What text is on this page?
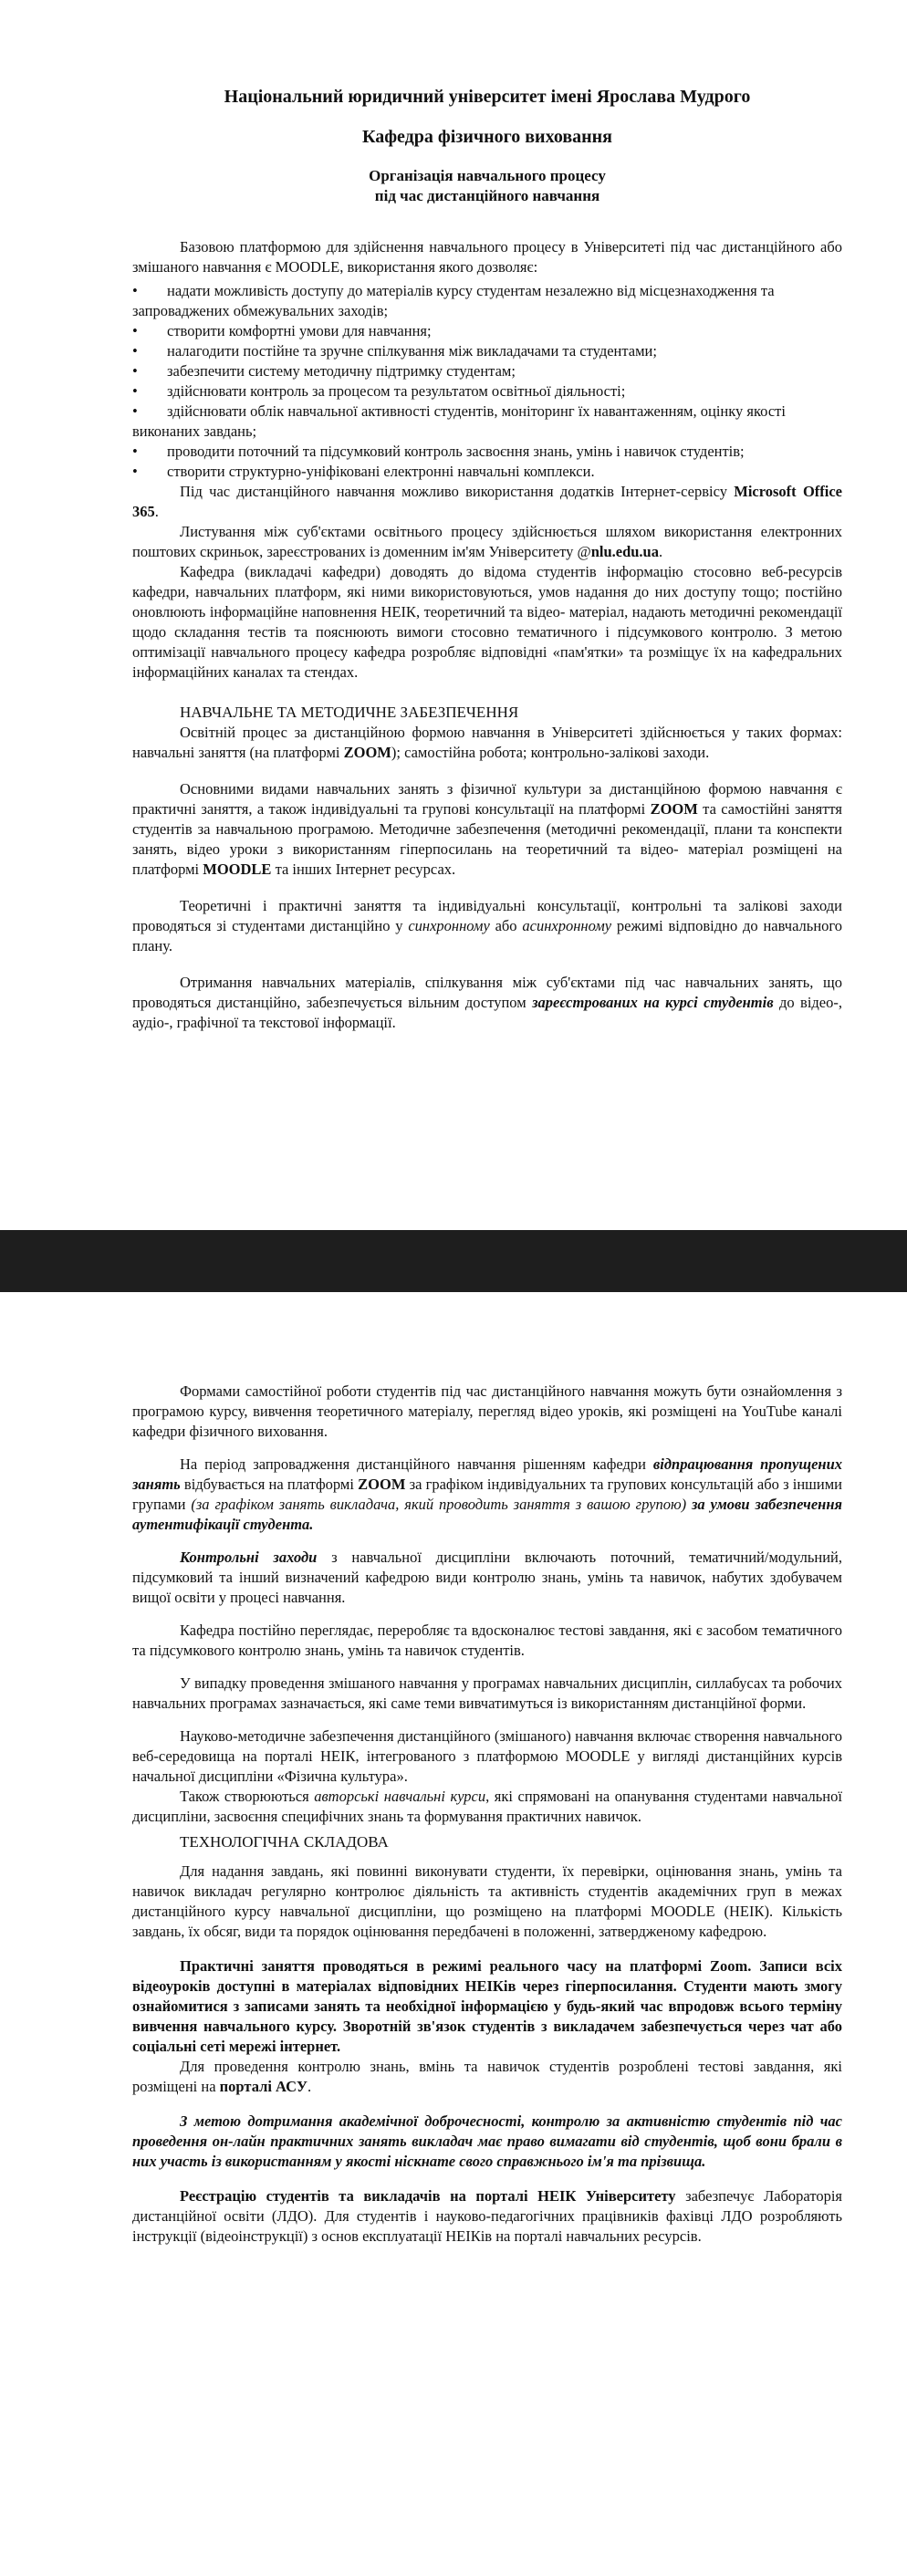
Національний юридичний університет імені Ярослава Мудрого

Кафедра фізичного виховання

Організація навчального процесу

під час дистанційного навчання

Базовою платформою для здійснення навчального процесу в Університеті під час дистанційного або змішаного навчання є MOODLE, використання якого дозволяє:

• надати можливість доступу до матеріалів курсу студентам незалежно від місцезнаходження та запроваджених обмежувальних заходів;
• створити комфортні умови для навчання;
• налагодити постійне та зручне спілкування між викладачами та студентами;
• забезпечити систему методичну підтримку студентам;
• здійснювати контроль за процесом та результатом освітньої діяльності;
• здійснювати облік навчальної активності студентів, моніторинг їх навантаженням, оцінку якості виконаних завдань;
• проводити поточний та підсумковий контроль засвоєння знань, умінь і навичок студентів;
• створити структурно-уніфіковані електронні навчальні комплекси.

Під час дистанційного навчання можливо використання додатків Інтернет-сервісу Microsoft Office 365.

Листування між суб'єктами освітнього процесу здійснюється шляхом використання електронних поштових скриньок, зареєстрованих із доменним ім'ям Університету @nlu.edu.ua.

Кафедра (викладачі кафедри) доводять до відома студентів інформацію стосовно веб-ресурсів кафедри, навчальних платформ, які ними використовуються, умов надання до них доступу тощо; постійно оновлюють інформаційне наповнення НЕІК, теоретичний та відео- матеріал, надають методичні рекомендації щодо складання тестів та пояснюють вимоги стосовно тематичного і підсумкового контролю. З метою оптимізації навчального процесу кафедра розробляє відповідні «пам'ятки» та розміщує їх на кафедральних інформаційних каналах та стендах.

НАВЧАЛЬНЕ ТА МЕТОДИЧНЕ ЗАБЕЗПЕЧЕННЯ

Освітній процес за дистанційною формою навчання в Університеті здійснюється у таких формах: навчальні заняття (на платформі ZOOM); самостійна робота; контрольно-залікові заходи.

Основними видами навчальних занять з фізичної культури за дистанційною формою навчання є практичні заняття, а також індивідуальні та групові консультації на платформі ZOOM та самостійні заняття студентів за навчальною програмою. Методичне забезпечення (методичні рекомендації, плани та конспекти занять, відео уроки з використанням гіперпосилань на теоретичний та відео- матеріал розміщені на платформі MOODLE та інших Інтернет ресурсах.

Теоретичні і практичні заняття та індивідуальні консультації, контрольні та залікові заходи проводяться зі студентами дистанційно у синхронному або асинхронному режимі відповідно до навчального плану.

Отримання навчальних матеріалів, спілкування між суб'єктами під час навчальних занять, що проводяться дистанційно, забезпечується вільним доступом зареєстрованих на курсі студентів до відео-, аудіо-, графічної та текстової інформації.

Формами самостійної роботи студентів під час дистанційного навчання можуть бути ознайомлення з програмою курсу, вивчення теоретичного матеріалу, перегляд відео уроків, які розміщені на YouTube каналі кафедри фізичного виховання.

На період запровадження дистанційного навчання рішенням кафедри відпрацювання пропущених занять відбувається на платформі ZOOM за графіком індивідуальних та групових консультацій або з іншими групами (за графіком занять викладача, який проводить заняття з вашою групою) за умови забезпечення аутентифікації студента.

Контрольні заходи з навчальної дисципліни включають поточний, тематичний/модульний, підсумковий та інший визначений кафедрою види контролю знань, умінь та навичок, набутих здобувачем вищої освіти у процесі навчання.

Кафедра постійно переглядає, переробляє та вдосконалює тестові завдання, які є засобом тематичного та підсумкового контролю знань, умінь та навичок студентів.

У випадку проведення змішаного навчання у програмах навчальних дисциплін, силлабусах та робочих навчальних програмах зазначається, які саме теми вивчатимуться із використанням дистанційної форми.

Науково-методичне забезпечення дистанційного (змішаного) навчання включає створення навчального веб-середовища на порталі НЕІК, інтегрованого з платформою MOODLE у вигляді дистанційних курсів начальної дисципліни «Фізична культура».

Також створюються авторські навчальні курси, які спрямовані на опанування студентами навчальної дисципліни, засвоєння специфічних знань та формування практичних навичок.

ТЕХНОЛОГІЧНА СКЛАДОВА

Для надання завдань, які повинні виконувати студенти, їх перевірки, оцінювання знань, умінь та навичок викладач регулярно контролює діяльність та активність студентів академічних груп в межах дистанційного курсу навчальної дисципліни, що розміщено на платформі MOODLE (НЕІК). Кількість завдань, їх обсяг, види та порядок оцінювання передбачені в положенні, затвердженому кафедрою.

Практичні заняття проводяться в режимі реального часу на платформі Zoom. Записи всіх відеоуроків доступні в матеріалах відповідних НЕІКів через гіперпосилання. Студенти мають змогу ознайомитися з записами занять та необхідної інформацією у будь-який час впродовж всього терміну вивчення навчального курсу. Зворотній зв'язок студентів з викладачем забезпечується через чат або соціальні сеті мережі інтернет.

Для проведення контролю знань, вмінь та навичок студентів розроблені тестові завдання, які розміщені на порталі АСУ.

З метою дотримання академічної доброчесності, контролю за активністю студентів під час проведення он-лайн практичних занять викладач має право вимагати від студентів, щоб вони брали в них участь із використанням у якості ніскнате свого справжнього ім'я та прізвища.

Реєстрацію студентів та викладачів на порталі НЕІК Університету забезпечує Лабораторія дистанційної освіти (ЛДО). Для студентів і науково-педагогічних працівників фахівці ЛДО розробляють інструкції (відеоінструкції) з основ експлуатації НЕІКів на порталі навчальних ресурсів.
